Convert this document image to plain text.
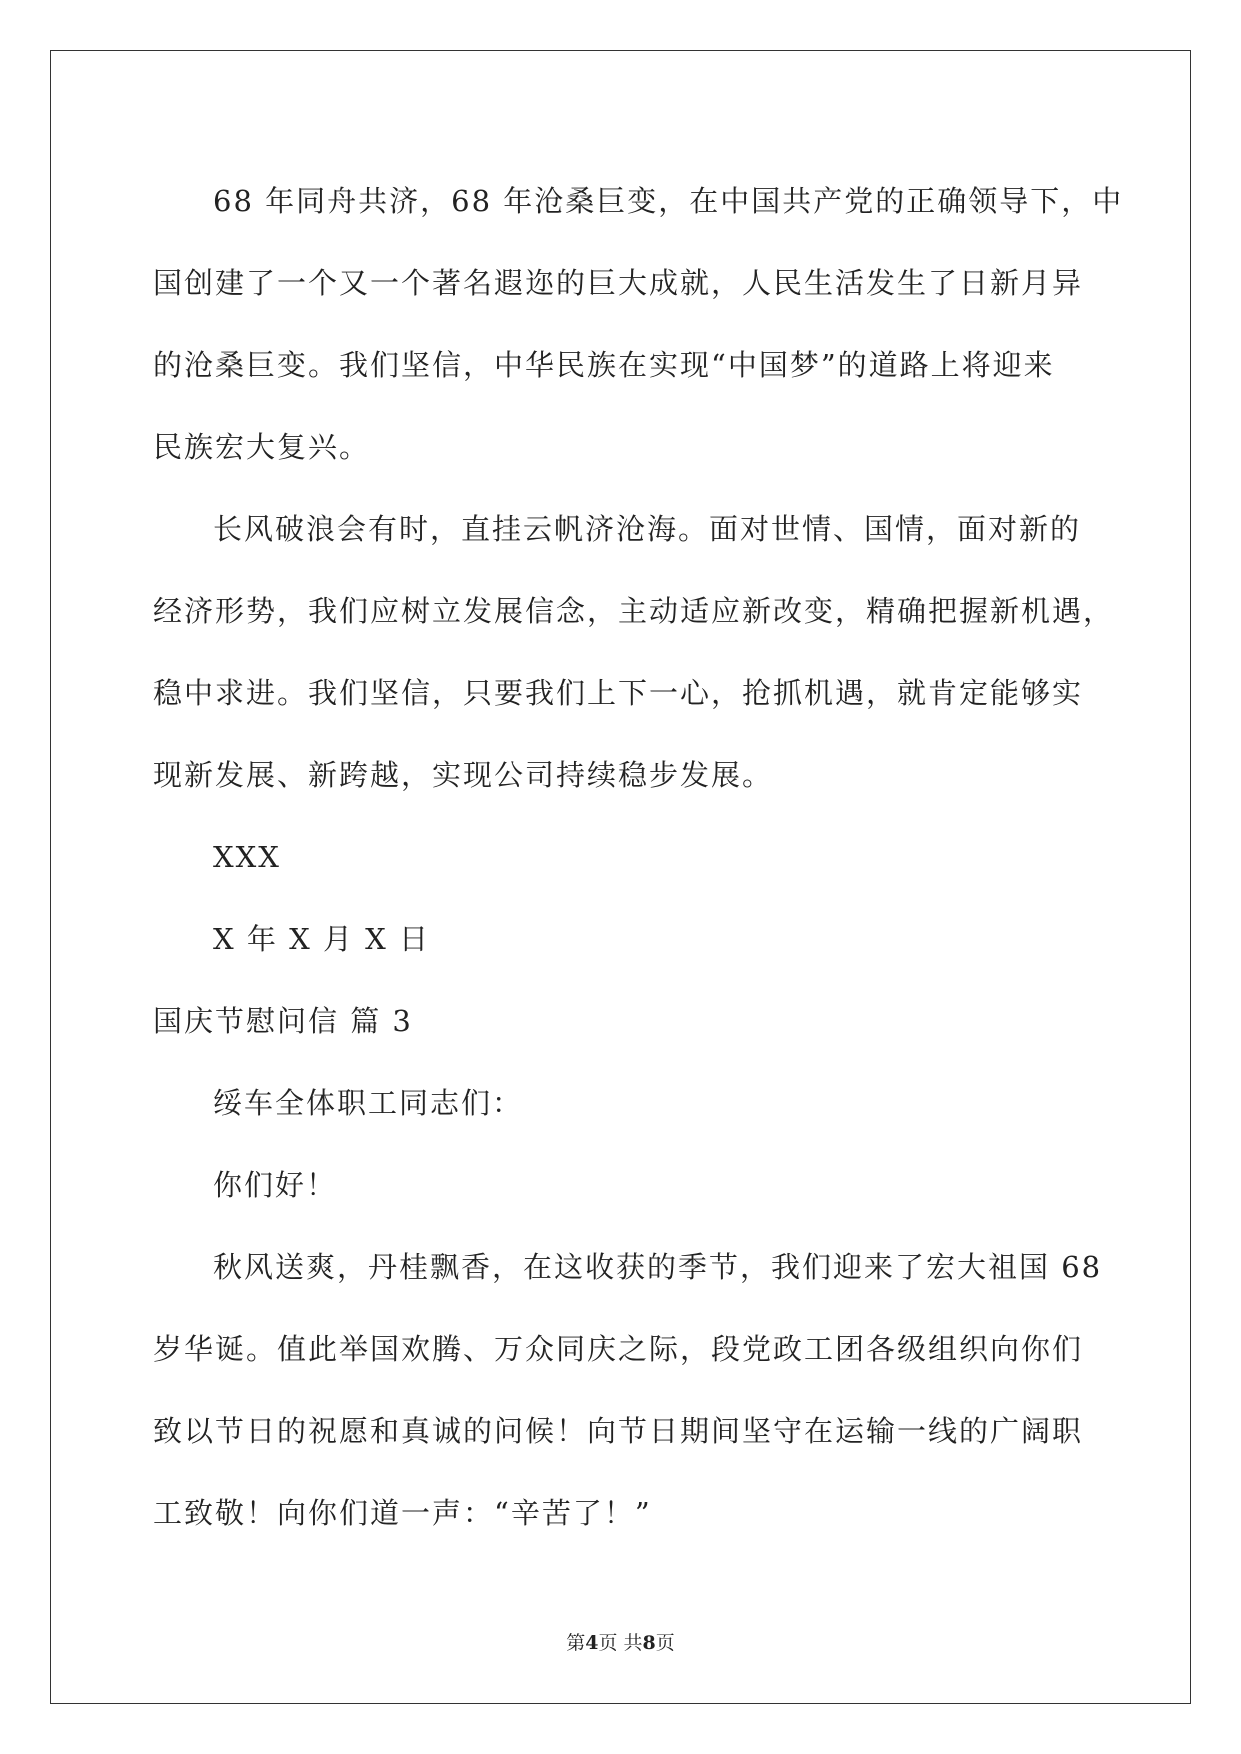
68 年同舟共济，68 年沧桑巨变，在中国共产党的正确领导下，中
国创建了一个又一个著名遐迩的巨大成就，人民生活发生了日新月异
的沧桑巨变。我们坚信，中华民族在实现“中国梦”的道路上将迎来
民族宏大复兴。
长风破浪会有时，直挂云帆济沧海。面对世情、国情，面对新的
经济形势，我们应树立发展信念，主动适应新改变，精确把握新机遇，
稳中求进。我们坚信，只要我们上下一心，抢抓机遇，就肯定能够实
现新发展、新跨越，实现公司持续稳步发展。
XXX
X 年 X 月 X 日
国庆节慰问信 篇 3
绥车全体职工同志们：
你们好！
秋风送爽，丹桂飘香，在这收获的季节，我们迎来了宏大祖国 68
岁华诞。值此举国欢腾、万众同庆之际，段党政工团各级组织向你们
致以节日的祝愿和真诚的问候！向节日期间坚守在运输一线的广阔职
工致敬！向你们道一声：“辛苦了！”
第4页 共8页
